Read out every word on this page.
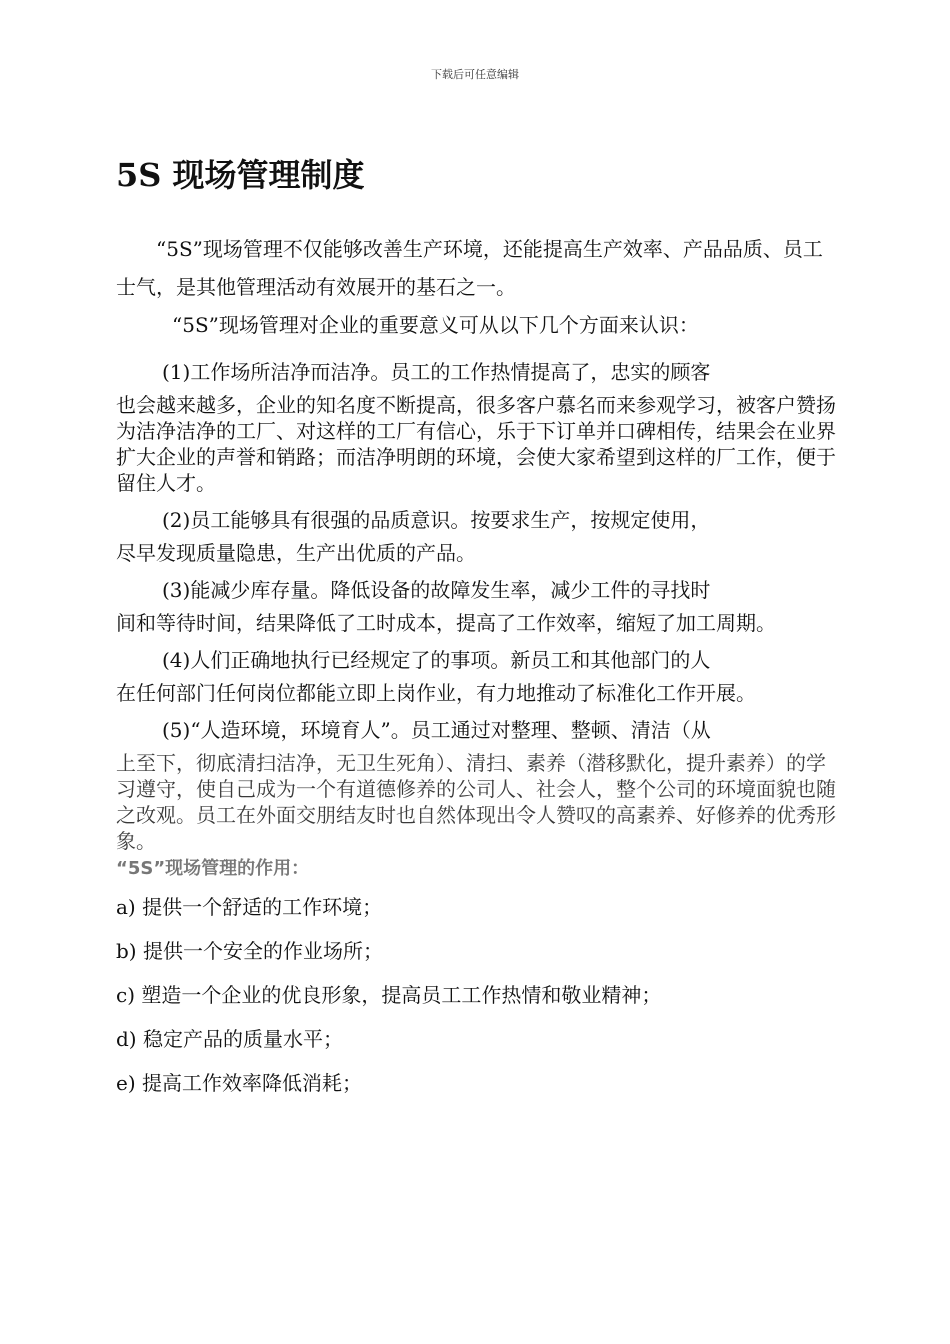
下载后可任意编辑
5S 现场管理制度

“5S”现场管理不仅能够改善生产环境，还能提高生产效率、产品品质、员工士气，是其他管理活动有效展开的基石之一。

“5S”现场管理对企业的重要意义可从以下几个方面来认识：

(1)工作场所洁净而洁净。员工的工作热情提高了，忠实的顾客

也会越来越多，企业的知名度不断提高，很多客户慕名而来参观学习，被客户赞扬为洁净洁净的工厂、对这样的工厂有信心，乐于下订单并口碑相传，结果会在业界扩大企业的声誉和销路；而洁净明朗的环境，会使大家希望到这样的厂工作，便于留住人才。

(2)员工能够具有很强的品质意识。按要求生产，按规定使用，

尽早发现质量隐患，生产出优质的产品。

(3)能减少库存量。降低设备的故障发生率，减少工件的寻找时

间和等待时间，结果降低了工时成本，提高了工作效率，缩短了加工周期。

(4)人们正确地执行已经规定了的事项。新员工和其他部门的人

在任何部门任何岗位都能立即上岗作业，有力地推动了标准化工作开展。

(5)“人造环境，环境育人”。员工通过对整理、整顿、清洁（从

上至下，彻底清扫洁净，无卫生死角）、清扫、素养（潜移默化，提升素养）的学习遵守，使自己成为一个有道德修养的公司人、社会人，整个公司的环境面貌也随之改观。员工在外面交朋结友时也自然体现出令人赞叹的高素养、好修养的优秀形象。

“5S”现场管理的作用：

a) 提供一个舒适的工作环境；

b) 提供一个安全的作业场所；

c) 塑造一个企业的优良形象，提高员工工作热情和敬业精神；

d) 稳定产品的质量水平；

e) 提高工作效率降低消耗；
